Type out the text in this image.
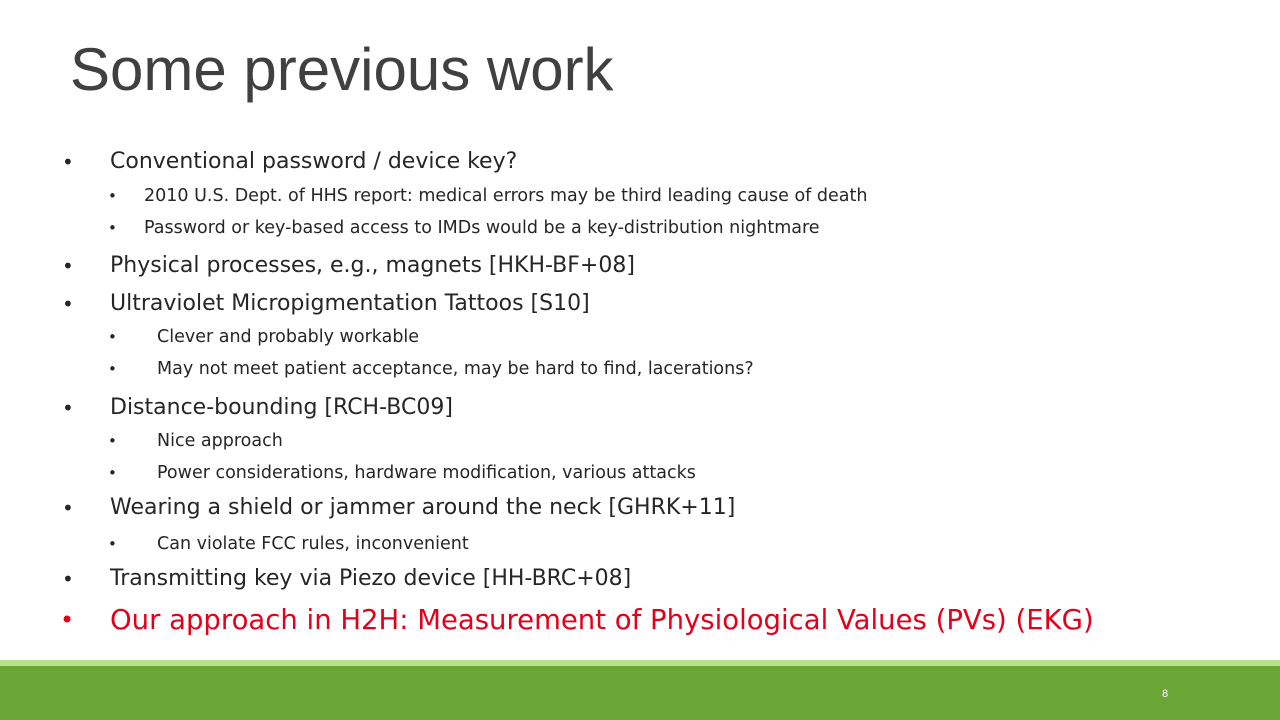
Some previous work
• Conventional password / device key?
• 2010 U.S. Dept. of HHS report: medical errors may be third leading cause of death
• Password or key-based access to IMDs would be a key-distribution nightmare
• Physical processes, e.g., magnets [HKH-BF+08]
• Ultraviolet Micropigmentation Tattoos [S10]
• Clever and probably workable
• May not meet patient acceptance, may be hard to find, lacerations?
• Distance-bounding [RCH-BC09]
• Nice approach
• Power considerations, hardware modification, various attacks
• Wearing a shield or jammer around the neck [GHRK+11]
• Can violate FCC rules, inconvenient
• Transmitting key via Piezo device [HH-BRC+08]
• Our approach in H2H: Measurement of Physiological Values (PVs) (EKG)
8
